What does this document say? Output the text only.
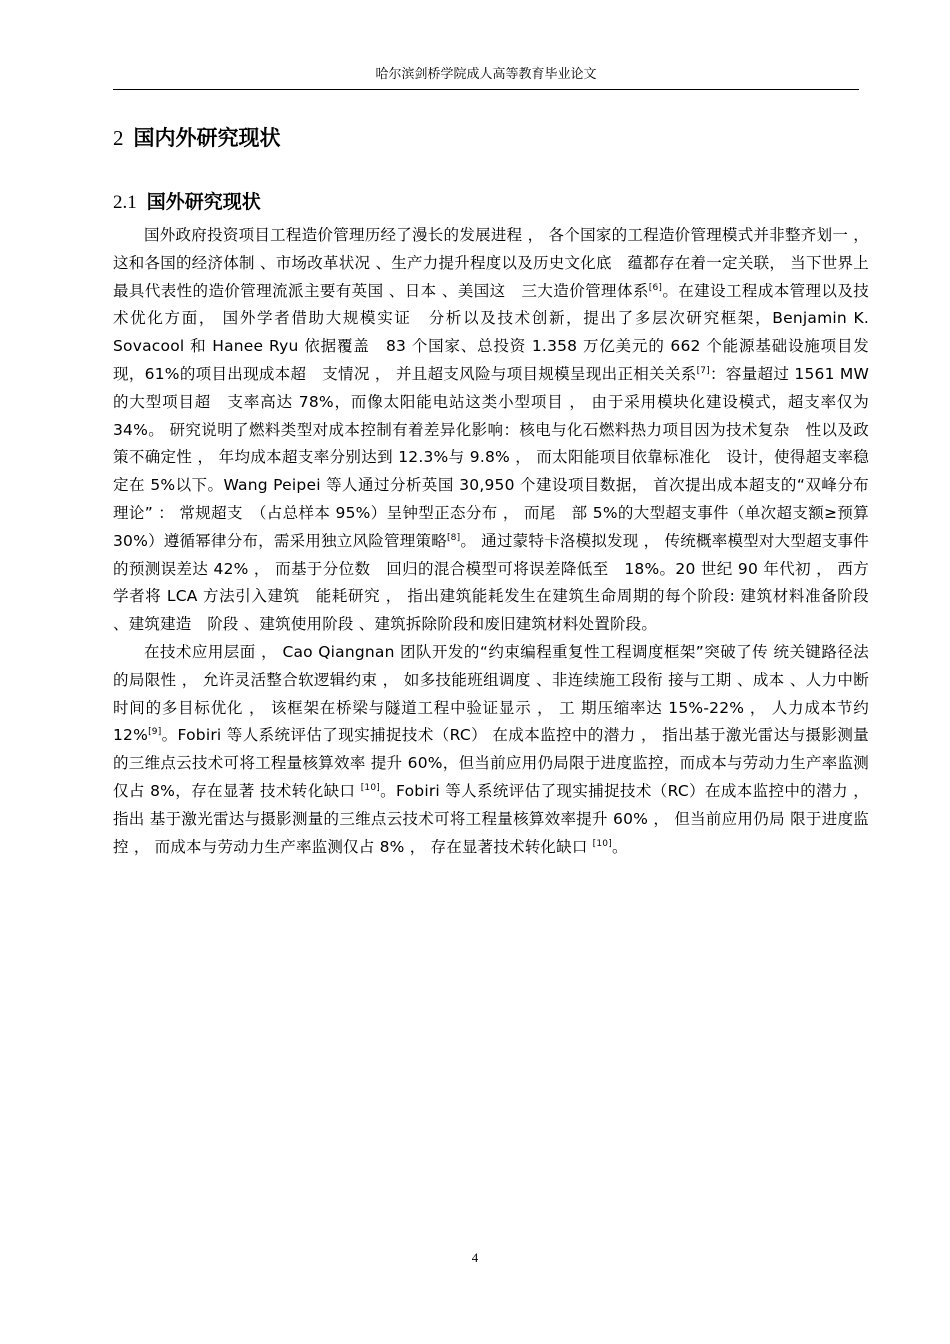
哈尔滨剑桥学院成人高等教育毕业论文
2 国内外研究现状
2.1 国外研究现状

国外政府投资项目工程造价管理历经了漫长的发展进程 ， 各个国家的工程造价管理模式并非整齐划一 ， 这和各国的经济体制 、市场改革状况 、生产力提升程度以及历史文化底　蕴都存在着一定关联， 当下世界上最具代表性的造价管理流派主要有英国 、日本 、美国这　三大造价管理体系[6]。在建设工程成本管理以及技术优化方面， 国外学者借助大规模实证　分析以及技术创新，提出了多层次研究框架，Benjamin K. Sovacool 和 Hanee Ryu 依据覆盖　83 个国家、总投资 1.358 万亿美元的 662 个能源基础设施项目发现，61%的项目出现成本超　支情况 ， 并且超支风险与项目规模呈现出正相关关系[7]：容量超过 1561 MW 的大型项目超　支率高达 78%，而像太阳能电站这类小型项目 ， 由于采用模块化建设模式，超支率仅为 34%。 研究说明了燃料类型对成本控制有着差异化影响：核电与化石燃料热力项目因为技术复杂　性以及政策不确定性 ， 年均成本超支率分别达到 12.3%与 9.8% ， 而太阳能项目依靠标准化　设计，使得超支率稳定在 5%以下。Wang Peipei 等人通过分析英国 30,950 个建设项目数据， 首次提出成本超支的“双峰分布理论” ： 常规超支　（占总样本 95%）呈钟型正态分布 ， 而尾　部 5%的大型超支事件（单次超支额≥预算 30%）遵循幂律分布，需采用独立风险管理策略[8]。 通过蒙特卡洛模拟发现 ， 传统概率模型对大型超支事件的预测误差达 42% ， 而基于分位数　回归的混合模型可将误差降低至　18%。20 世纪 90 年代初 ， 西方学者将 LCA 方法引入建筑　能耗研究 ， 指出建筑能耗发生在建筑生命周期的每个阶段: 建筑材料准备阶段 、建筑建造　阶段 、建筑使用阶段 、建筑拆除阶段和废旧建筑材料处置阶段。

在技术应用层面 ， Cao Qiangnan 团队开发的“约束编程重复性工程调度框架”突破了传 统关键路径法的局限性 ， 允许灵活整合软逻辑约束 ， 如多技能班组调度 、非连续施工段衔 接与工期 、成本 、人力中断时间的多目标优化 ， 该框架在桥梁与隧道工程中验证显示 ， 工 期压缩率达 15%-22% ， 人力成本节约 12%[9]。Fobiri 等人系统评估了现实捕捉技术（RC） 在成本监控中的潜力 ， 指出基于激光雷达与摄影测量的三维点云技术可将工程量核算效率 提升 60%，但当前应用仍局限于进度监控，而成本与劳动力生产率监测仅占 8%，存在显著 技术转化缺口 [10]。Fobiri 等人系统评估了现实捕捉技术（RC）在成本监控中的潜力 ， 指出 基于激光雷达与摄影测量的三维点云技术可将工程量核算效率提升 60% ， 但当前应用仍局 限于进度监控 ， 而成本与劳动力生产率监测仅占 8% ， 存在显著技术转化缺口 [10]。

4
